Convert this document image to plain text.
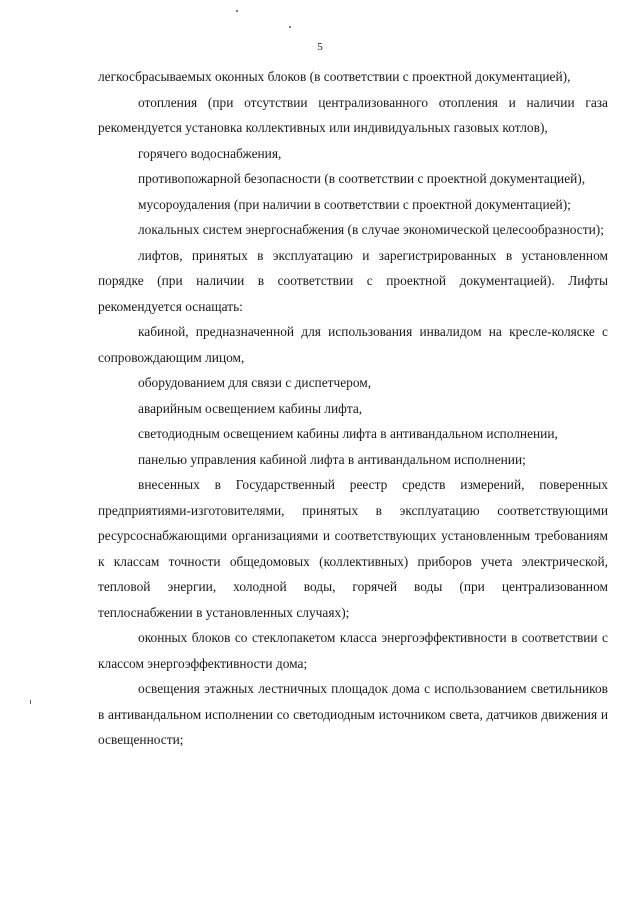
5

легкосбрасываемых оконных блоков (в соответствии с проектной документацией),

отопления (при отсутствии централизованного отопления и наличии газа рекомендуется установка коллективных или индивидуальных газовых котлов),

горячего водоснабжения,

противопожарной безопасности (в соответствии с проектной документацией),

мусороудаления (при наличии в соответствии с проектной документацией);

локальных систем энергоснабжения (в случае экономической целесообразности);

лифтов, принятых в эксплуатацию и зарегистрированных в установленном порядке (при наличии в соответствии с проектной документацией). Лифты рекомендуется оснащать:

кабиной, предназначенной для использования инвалидом на кресле-коляске с сопровождающим лицом,

оборудованием для связи с диспетчером,

аварийным освещением кабины лифта,

светодиодным освещением кабины лифта в антивандальном исполнении,

панелью управления кабиной лифта в антивандальном исполнении;

внесенных в Государственный реестр средств измерений, поверенных предприятиями-изготовителями, принятых в эксплуатацию соответствующими ресурсоснабжающими организациями и соответствующих установленным требованиям к классам точности общедомовых (коллективных) приборов учета электрической, тепловой энергии, холодной воды, горячей воды (при централизованном теплоснабжении в установленных случаях);

оконных блоков со стеклопакетом класса энергоэффективности в соответствии с классом энергоэффективности дома;

освещения этажных лестничных площадок дома с использованием светильников в антивандальном исполнении со светодиодным источником света, датчиков движения и освещенности;
